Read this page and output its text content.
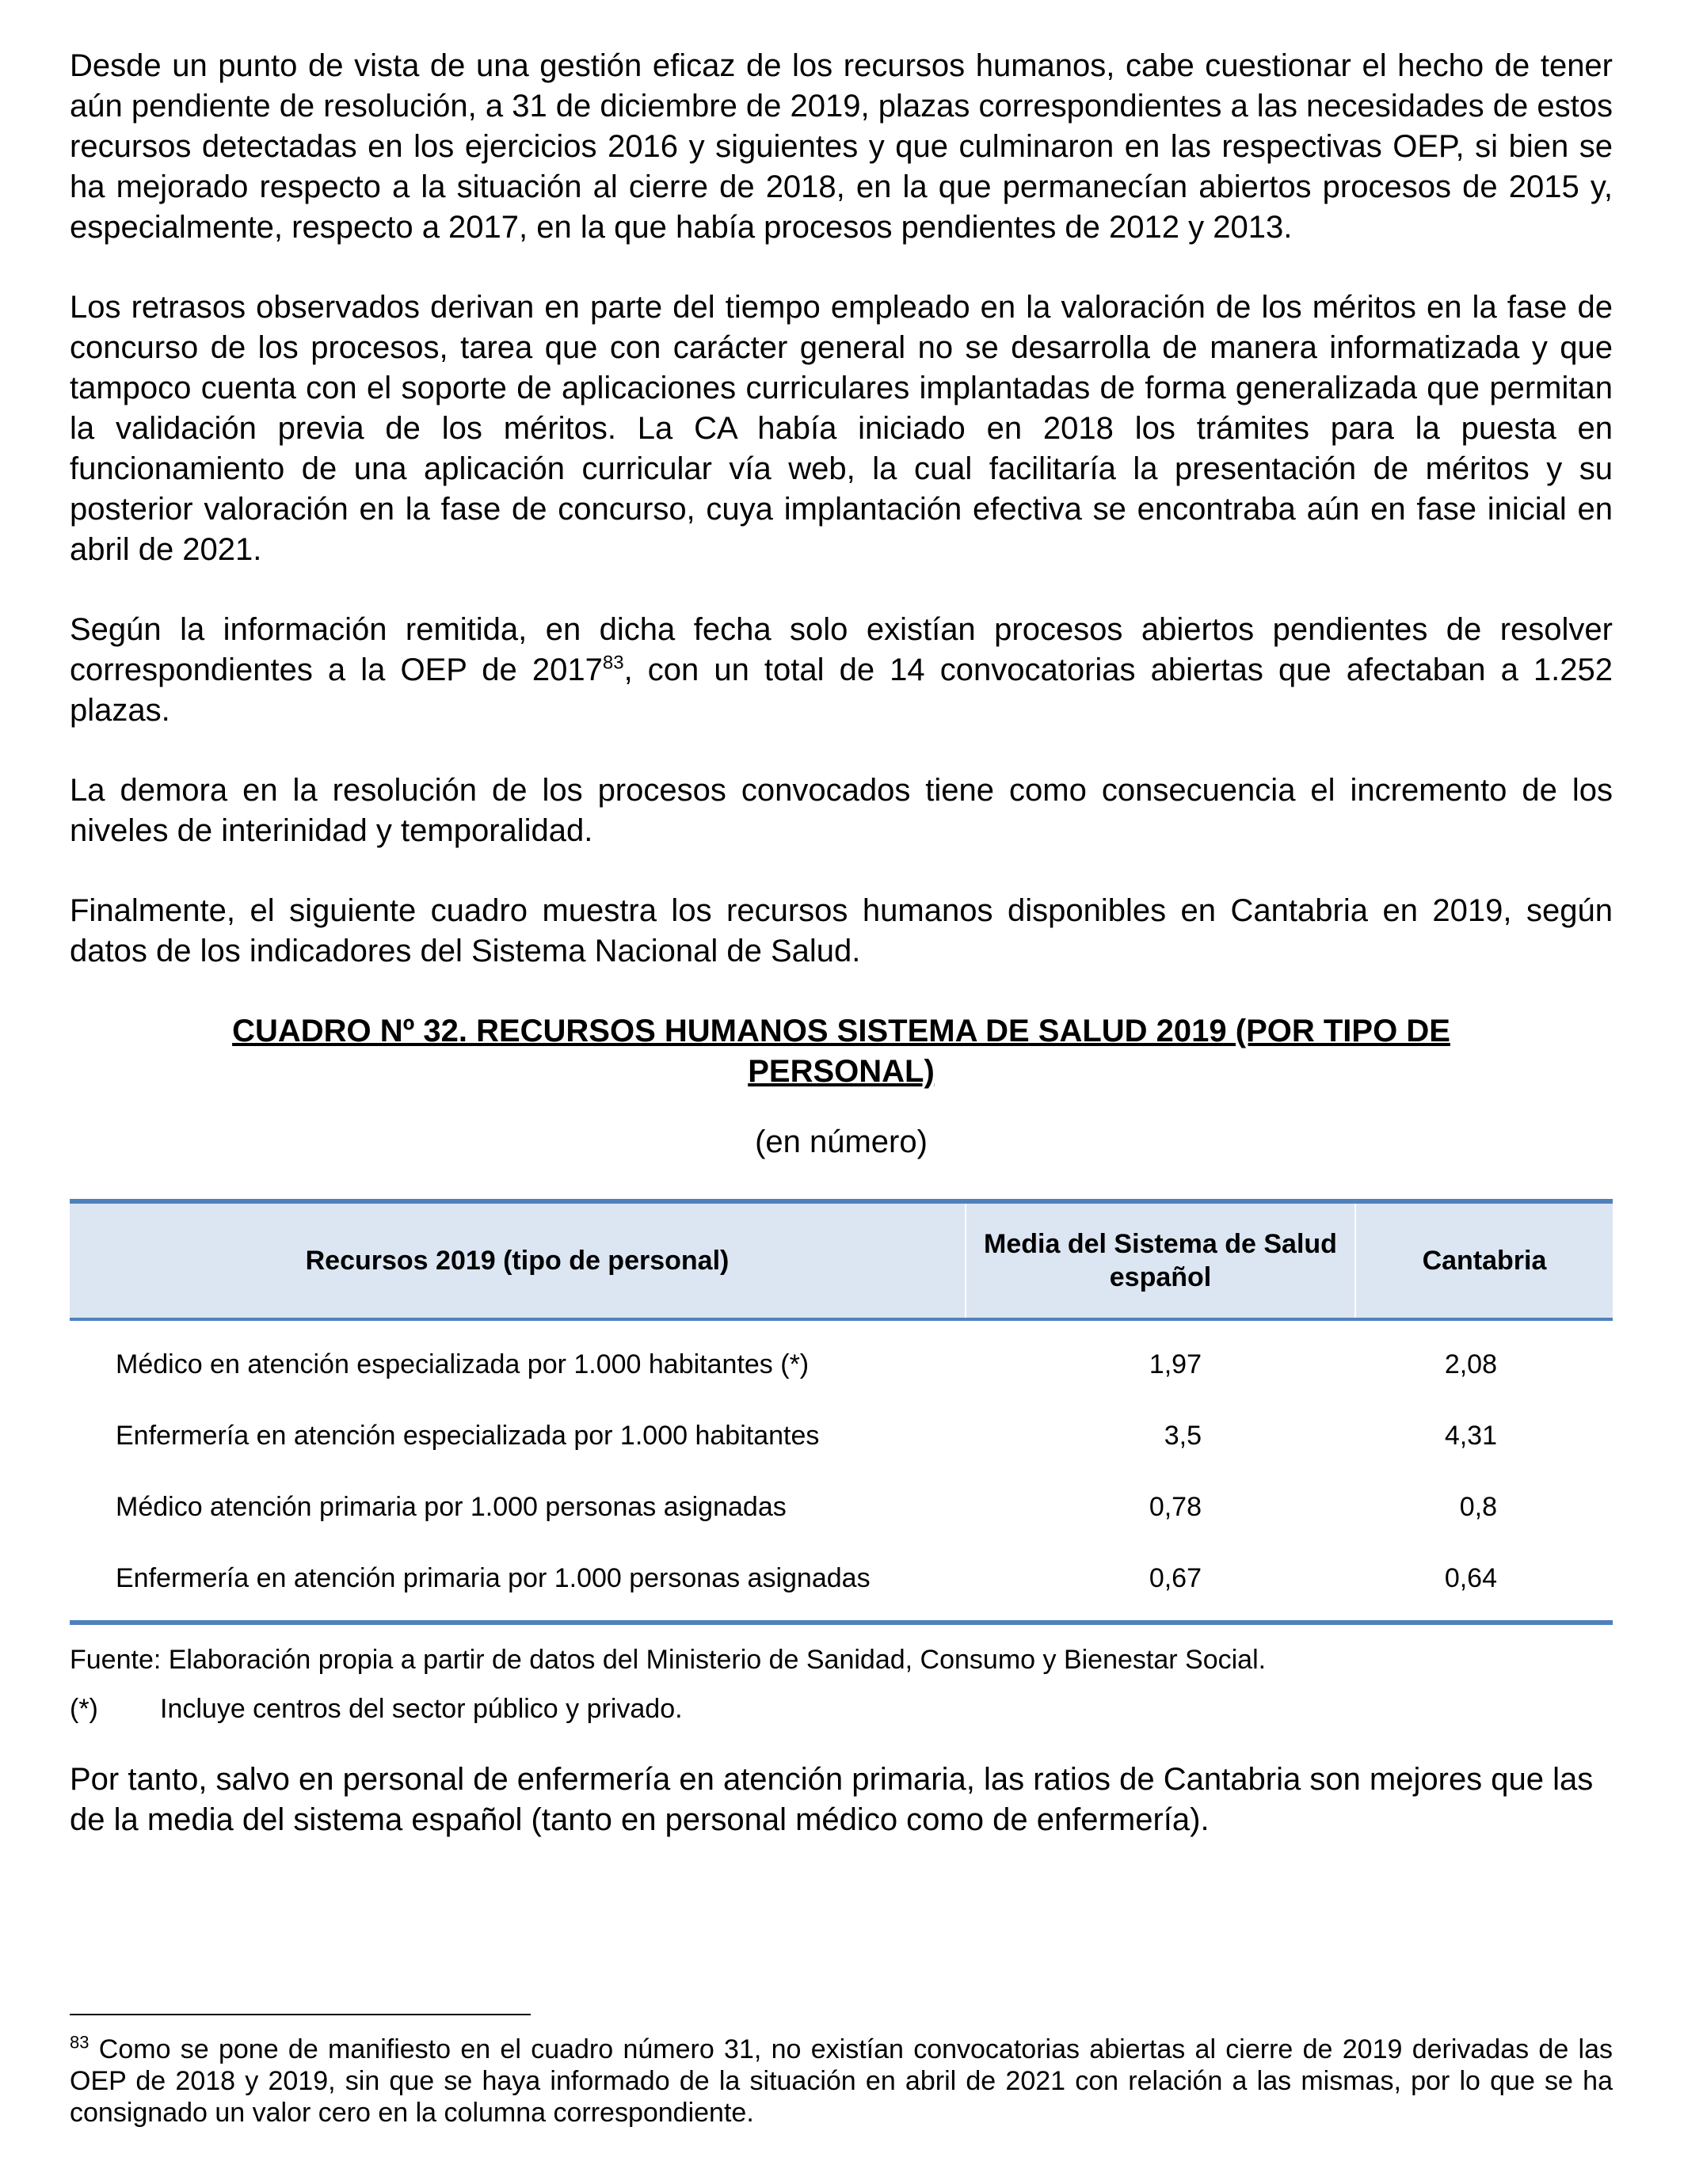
Desde un punto de vista de una gestión eficaz de los recursos humanos, cabe cuestionar el hecho de tener aún pendiente de resolución, a 31 de diciembre de 2019, plazas correspondientes a las necesidades de estos recursos detectadas en los ejercicios 2016 y siguientes y que culminaron en las respectivas OEP, si bien se ha mejorado respecto a la situación al cierre de 2018, en la que permanecían abiertos procesos de 2015 y, especialmente, respecto a 2017, en la que había procesos pendientes de 2012 y 2013.

Los retrasos observados derivan en parte del tiempo empleado en la valoración de los méritos en la fase de concurso de los procesos, tarea que con carácter general no se desarrolla de manera informatizada y que tampoco cuenta con el soporte de aplicaciones curriculares implantadas de forma generalizada que permitan la validación previa de los méritos. La CA había iniciado en 2018 los trámites para la puesta en funcionamiento de una aplicación curricular vía web, la cual facilitaría la presentación de méritos y su posterior valoración en la fase de concurso, cuya implantación efectiva se encontraba aún en fase inicial en abril de 2021.

Según la información remitida, en dicha fecha solo existían procesos abiertos pendientes de resolver correspondientes a la OEP de 2017$^{83}$, con un total de 14 convocatorias abiertas que afectaban a 1.252 plazas.

La demora en la resolución de los procesos convocados tiene como consecuencia el incremento de los niveles de interinidad y temporalidad.

Finalmente, el siguiente cuadro muestra los recursos humanos disponibles en Cantabria en 2019, según datos de los indicadores del Sistema Nacional de Salud.

CUADRO Nº 32. RECURSOS HUMANOS SISTEMA DE SALUD 2019 (POR TIPO DE PERSONAL)
(en número)
Recursos 2019 (tipo de personal)	Media del Sistema de Salud español	Cantabria
Médico en atención especializada por 1.000 habitantes (*)	1,97	2,08
Enfermería en atención especializada por 1.000 habitantes	3,5	4,31
Médico atención primaria por 1.000 personas asignadas	0,78	0,8
Enfermería en atención primaria por 1.000 personas asignadas	0,67	0,64
Fuente: Elaboración propia a partir de datos del Ministerio de Sanidad, Consumo y Bienestar Social.
(*)	Incluye centros del sector público y privado.

Por tanto, salvo en personal de enfermería en atención primaria, las ratios de Cantabria son mejores que las de la media del sistema español (tanto en personal médico como de enfermería).

$^{83}$ Como se pone de manifiesto en el cuadro número 31, no existían convocatorias abiertas al cierre de 2019 derivadas de las OEP de 2018 y 2019, sin que se haya informado de la situación en abril de 2021 con relación a las mismas, por lo que se ha consignado un valor cero en la columna correspondiente.
